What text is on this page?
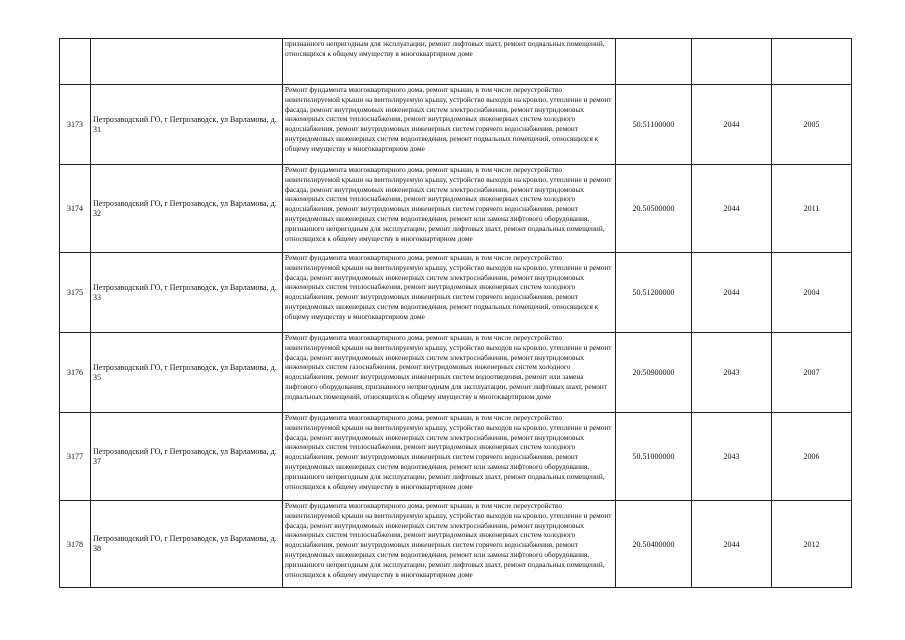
		признанного непригодным для эксплуатации, ремонт лифтовых шахт, ремонт подвальных помещений, относящихся к общему имуществу в многоквартирном доме			
3173	Петрозаводский ГО, г Петрозаводск, ул Варламова, д. 31	Ремонт фундамента многоквартирного дома, ремонт крыши, в том числе переустройство невентилируемой крыши на вентилируемую крышу, устройство выходов на кровлю, утепление и ремонт фасада, ремонт внутридомовых инженерных систем электроснабжения, ремонт внутридомовых инженерных систем теплоснабжения, ремонт внутридомовых инженерных систем холодного водоснабжения, ремонт внутридомовых инженерных систем горячего водоснабжения, ремонт внутридомовых инженерных систем водоотведения, ремонт подвальных помещений, относящихся к общему имуществу в многоквартирном доме	50.51100000	2044	2005
3174	Петрозаводский ГО, г Петрозаводск, ул Варламова, д. 32	Ремонт фундамента многоквартирного дома, ремонт крыши, в том числе переустройство невентилируемой крыши на вентилируемую крышу, устройство выходов на кровлю, утепление и ремонт фасада, ремонт внутридомовых инженерных систем электроснабжения, ремонт внутридомовых инженерных систем теплоснабжения, ремонт внутридомовых инженерных систем холодного водоснабжения, ремонт внутридомовых инженерных систем горячего водоснабжения, ремонт внутридомовых инженерных систем водоотведения, ремонт или замена лифтового оборудования, признанного непригодным для эксплуатации, ремонт лифтовых шахт, ремонт подвальных помещений, относящихся к общему имуществу в многоквартирном доме	20.50500000	2044	2011
3175	Петрозаводский ГО, г Петрозаводск, ул Варламова, д. 33	Ремонт фундамента многоквартирного дома, ремонт крыши, в том числе переустройство невентилируемой крыши на вентилируемую крышу, устройство выходов на кровлю, утепление и ремонт фасада, ремонт внутридомовых инженерных систем электроснабжения, ремонт внутридомовых инженерных систем теплоснабжения, ремонт внутридомовых инженерных систем холодного водоснабжения, ремонт внутридомовых инженерных систем горячего водоснабжения, ремонт внутридомовых инженерных систем водоотведения, ремонт подвальных помещений, относящихся к общему имуществу в многоквартирном доме	50.51200000	2044	2004
3176	Петрозаводский ГО, г Петрозаводск, ул Варламова, д. 35	Ремонт фундамента многоквартирного дома, ремонт крыши, в том числе переустройство невентилируемой крыши на вентилируемую крышу, устройство выходов на кровлю, утепление и ремонт фасада, ремонт внутридомовых инженерных систем электроснабжения, ремонт внутридомовых инженерных систем газоснабжения, ремонт внутридомовых инженерных систем холодного водоснабжения, ремонт внутридомовых инженерных систем водоотведения, ремонт или замена лифтового оборудования, признанного непригодным для эксплуатации, ремонт лифтовых шахт, ремонт подвальных помещений, относящихся к общему имуществу в многоквартирном доме	20.50900000	2043	2007
3177	Петрозаводский ГО, г Петрозаводск, ул Варламова, д. 37	Ремонт фундамента многоквартирного дома, ремонт крыши, в том числе переустройство невентилируемой крыши на вентилируемую крышу, устройство выходов на кровлю, утепление и ремонт фасада, ремонт внутридомовых инженерных систем электроснабжения, ремонт внутридомовых инженерных систем теплоснабжения, ремонт внутридомовых инженерных систем холодного водоснабжения, ремонт внутридомовых инженерных систем горячего водоснабжения, ремонт внутридомовых инженерных систем водоотведения, ремонт или замена лифтового оборудования, признанного непригодным для эксплуатации, ремонт лифтовых шахт, ремонт подвальных помещений, относящихся к общему имуществу в многоквартирном доме	50.51000000	2043	2006
3178	Петрозаводский ГО, г Петрозаводск, ул Варламова, д. 38	Ремонт фундамента многоквартирного дома, ремонт крыши, в том числе переустройство невентилируемой крыши на вентилируемую крышу, устройство выходов на кровлю, утепление и ремонт фасада, ремонт внутридомовых инженерных систем электроснабжения, ремонт внутридомовых инженерных систем теплоснабжения, ремонт внутридомовых инженерных систем холодного водоснабжения, ремонт внутридомовых инженерных систем горячего водоснабжения, ремонт внутридомовых инженерных систем водоотведения, ремонт или замена лифтового оборудования, признанного непригодным для эксплуатации, ремонт лифтовых шахт, ремонт подвальных помещений, относящихся к общему имуществу в многоквартирном доме	20.50400000	2044	2012
